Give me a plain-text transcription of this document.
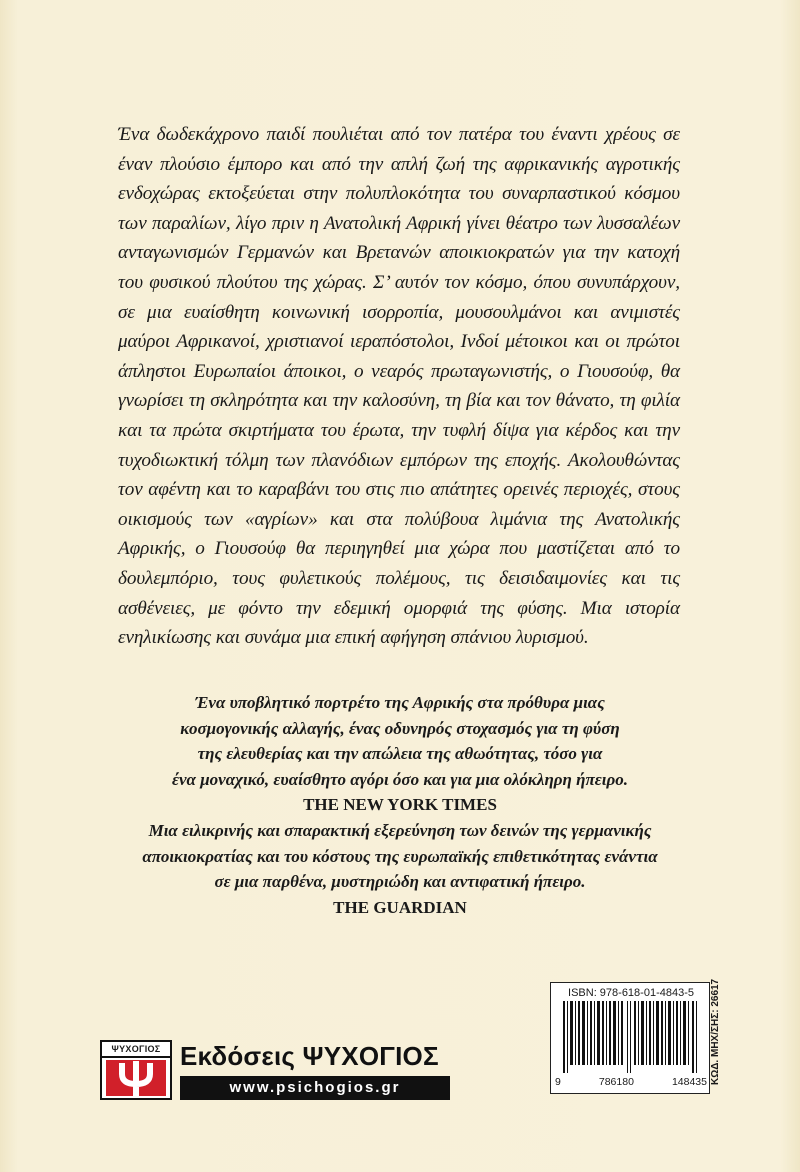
Ένα δωδεκάχρονο παιδί πουλιέται από τον πατέρα του έναντι χρέους σε έναν πλούσιο έμπορο και από την απλή ζωή της αφρικανικής αγροτικής ενδοχώρας εκτοξεύεται στην πολυπλοκότητα του συναρπαστικού κόσμου των παραλίων, λίγο πριν η Ανατολική Αφρική γίνει θέατρο των λυσσαλέων ανταγωνισμών Γερμανών και Βρετανών αποικιοκρατών για την κατοχή του φυσικού πλούτου της χώρας. Σ’ αυτόν τον κόσμο, όπου συνυπάρχουν, σε μια ευαίσθητη κοινωνική ισορροπία, μουσουλμάνοι και ανιμιστές μαύροι Αφρικανοί, χριστιανοί ιεραπόστολοι, Ινδοί μέτοικοι και οι πρώτοι άπληστοι Ευρωπαίοι άποικοι, ο νεαρός πρωταγωνιστής, ο Γιουσούφ, θα γνωρίσει τη σκληρότητα και την καλοσύνη, τη βία και τον θάνατο, τη φιλία και τα πρώτα σκιρτήματα του έρωτα, την τυφλή δίψα για κέρδος και την τυχοδιωκτική τόλμη των πλανόδιων εμπόρων της εποχής. Ακολουθώντας τον αφέντη και το καραβάνι του στις πιο απάτητες ορεινές περιοχές, στους οικισμούς των «αγρίων» και στα πολύβουα λιμάνια της Ανατολικής Αφρικής, ο Γιουσούφ θα περιηγηθεί μια χώρα που μαστίζεται από το δουλεμπόριο, τους φυλετικούς πολέμους, τις δεισιδαιμονίες και τις ασθένειες, με φόντο την εδεμική ομορφιά της φύσης. Μια ιστορία ενηλικίωσης και συνάμα μια επική αφήγηση σπάνιου λυρισμού.

Ένα υποβλητικό πορτρέτο της Αφρικής στα πρόθυρα μιας
κοσμογονικής αλλαγής, ένας οδυνηρός στοχασμός για τη φύση
της ελευθερίας και την απώλεια της αθωότητας, τόσο για
ένα μοναχικό, ευαίσθητο αγόρι όσο και για μια ολόκληρη ήπειρο.
THE NEW YORK TIMES
Μια ειλικρινής και σπαρακτική εξερεύνηση των δεινών της γερμανικής
αποικιοκρατίας και του κόστους της ευρωπαϊκής επιθετικότητας ενάντια
σε μια παρθένα, μυστηριώδη και αντιφατική ήπειρο.
THE GUARDIAN
ΨΥΧΟΓΙΟΣ Εκδόσεις ΨΥΧΟΓΙΟΣ
www.psichogios.gr
ISBN: 978-618-01-4843-5
9	786180	148435 ΚΩΔ. ΜΗΧ/ΣΗΣ: 26617
